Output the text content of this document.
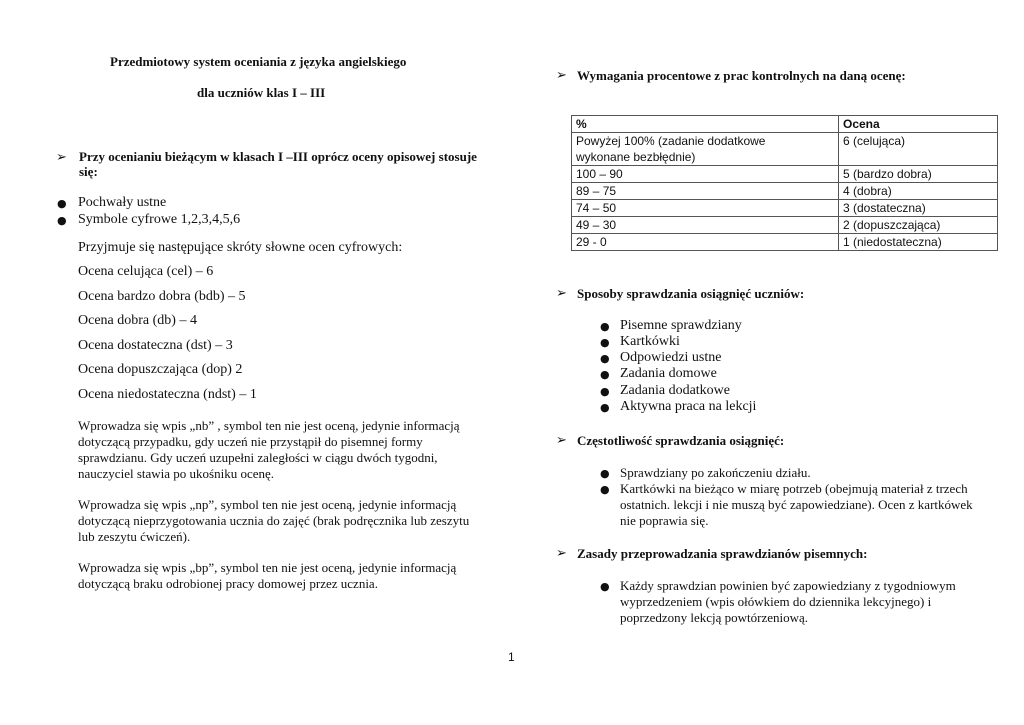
Przedmiotowy system oceniania z języka angielskiego
dla uczniów klas I – III
➢ Przy ocenianiu bieżącym w klasach I –III oprócz oceny opisowej stosuje
się:
● Pochwały ustne
● Symbole cyfrowe 1,2,3,4,5,6
Przyjmuje się następujące skróty słowne ocen cyfrowych:
Ocena celująca (cel) – 6
Ocena bardzo dobra (bdb) – 5
Ocena dobra (db) – 4
Ocena dostateczna (dst) – 3
Ocena dopuszczająca (dop) 2
Ocena niedostateczna (ndst) – 1
Wprowadza się wpis „nb” , symbol ten nie jest oceną, jedynie informacją
dotyczącą przypadku, gdy uczeń nie przystąpił do pisemnej formy
sprawdzianu. Gdy uczeń uzupełni zaległości w ciągu dwóch tygodni,
nauczyciel stawia po ukośniku ocenę.
Wprowadza się wpis „np”, symbol ten nie jest oceną, jedynie informacją
dotyczącą nieprzygotowania ucznia do zajęć (brak podręcznika lub zeszytu
lub zeszytu ćwiczeń).
Wprowadza się wpis „bp”, symbol ten nie jest oceną, jedynie informacją
dotyczącą braku odrobionej pracy domowej przez ucznia.
➢ Wymagania procentowe z prac kontrolnych na daną ocenę:
%	Ocena
Powyżej 100% (zadanie dodatkowe
wykonane bezbłędnie)	6 (celująca)
100 – 90	5 (bardzo dobra)
89 – 75	4 (dobra)
74 – 50	3 (dostateczna)
49 – 30	2 (dopuszczająca)
29 - 0	1 (niedostateczna)
➢ Sposoby sprawdzania osiągnięć uczniów:
● Pisemne sprawdziany
● Kartkówki
● Odpowiedzi ustne
● Zadania domowe
● Zadania dodatkowe
● Aktywna praca na lekcji
➢ Częstotliwość sprawdzania osiągnięć:
● Sprawdziany po zakończeniu działu.
● Kartkówki na bieżąco w miarę potrzeb (obejmują materiał z trzech
ostatnich. lekcji i nie muszą być zapowiedziane). Ocen z kartkówek
nie poprawia się.
➢ Zasady przeprowadzania sprawdzianów pisemnych:
● Każdy sprawdzian powinien być zapowiedziany z tygodniowym
wyprzedzeniem (wpis ołówkiem do dziennika lekcyjnego) i
poprzedzony lekcją powtórzeniową.
1
